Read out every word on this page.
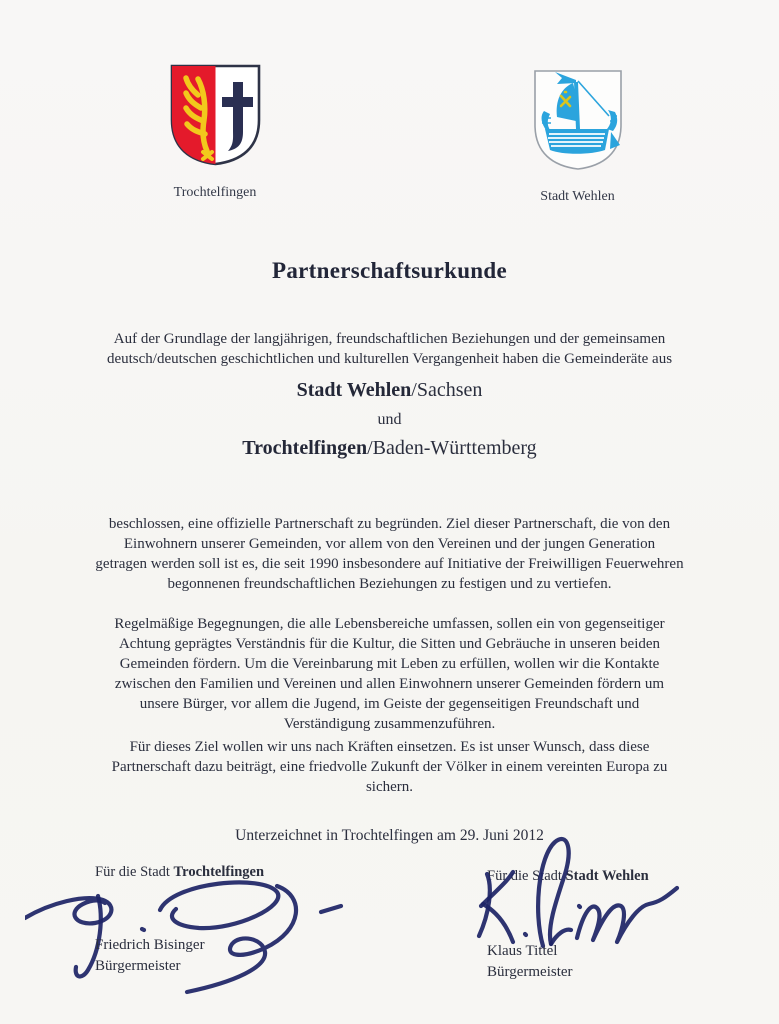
Trochtelfingen	Stadt Wehlen
Partnerschaftsurkunde

Auf der Grundlage der langjährigen, freundschaftlichen Beziehungen und der gemeinsamen
deutsch/deutschen geschichtlichen und kulturellen Vergangenheit haben die Gemeinderäte aus

Stadt Wehlen/Sachsen
und
Trochtelfingen/Baden-Württemberg

beschlossen, eine offizielle Partnerschaft zu begründen. Ziel dieser Partnerschaft, die von den
Einwohnern unserer Gemeinden, vor allem von den Vereinen und der jungen Generation
getragen werden soll ist es, die seit 1990 insbesondere auf Initiative der Freiwilligen Feuerwehren
begonnenen freundschaftlichen Beziehungen zu festigen und zu vertiefen.

Regelmäßige Begegnungen, die alle Lebensbereiche umfassen, sollen ein von gegenseitiger
Achtung geprägtes Verständnis für die Kultur, die Sitten und Gebräuche in unseren beiden
Gemeinden fördern. Um die Vereinbarung mit Leben zu erfüllen, wollen wir die Kontakte
zwischen den Familien und Vereinen und allen Einwohnern unserer Gemeinden fördern um
unsere Bürger, vor allem die Jugend, im Geiste der gegenseitigen Freundschaft und
Verständigung zusammenzuführen.

Für dieses Ziel wollen wir uns nach Kräften einsetzen. Es ist unser Wunsch, dass diese
Partnerschaft dazu beiträgt, eine friedvolle Zukunft der Völker in einem vereinten Europa zu
sichern.

Unterzeichnet in Trochtelfingen am 29. Juni 2012

Für die Stadt Trochtelfingen
Friedrich Bisinger
Bürgermeister
Für die Stadt Stadt Wehlen
Klaus Tittel
Bürgermeister
